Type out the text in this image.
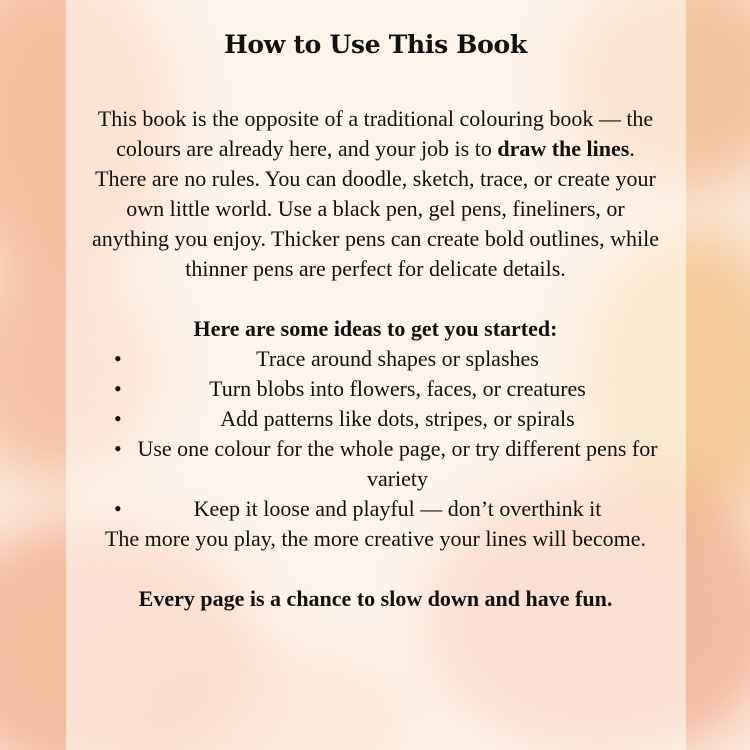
How to Use This Book

This book is the opposite of a traditional colouring book — the colours are already here, and your job is to draw the lines.

There are no rules. You can doodle, sketch, trace, or create your own little world. Use a black pen, gel pens, fineliners, or anything you enjoy. Thicker pens can create bold outlines, while thinner pens are perfect for delicate details.

Here are some ideas to get you started:

•	Trace around shapes or splashes
•	Turn blobs into flowers, faces, or creatures
•	Add patterns like dots, stripes, or spirals
• Use one colour for the whole page, or try different pens for variety
•	Keep it loose and playful — don’t overthink it

The more you play, the more creative your lines will become.

Every page is a chance to slow down and have fun.
